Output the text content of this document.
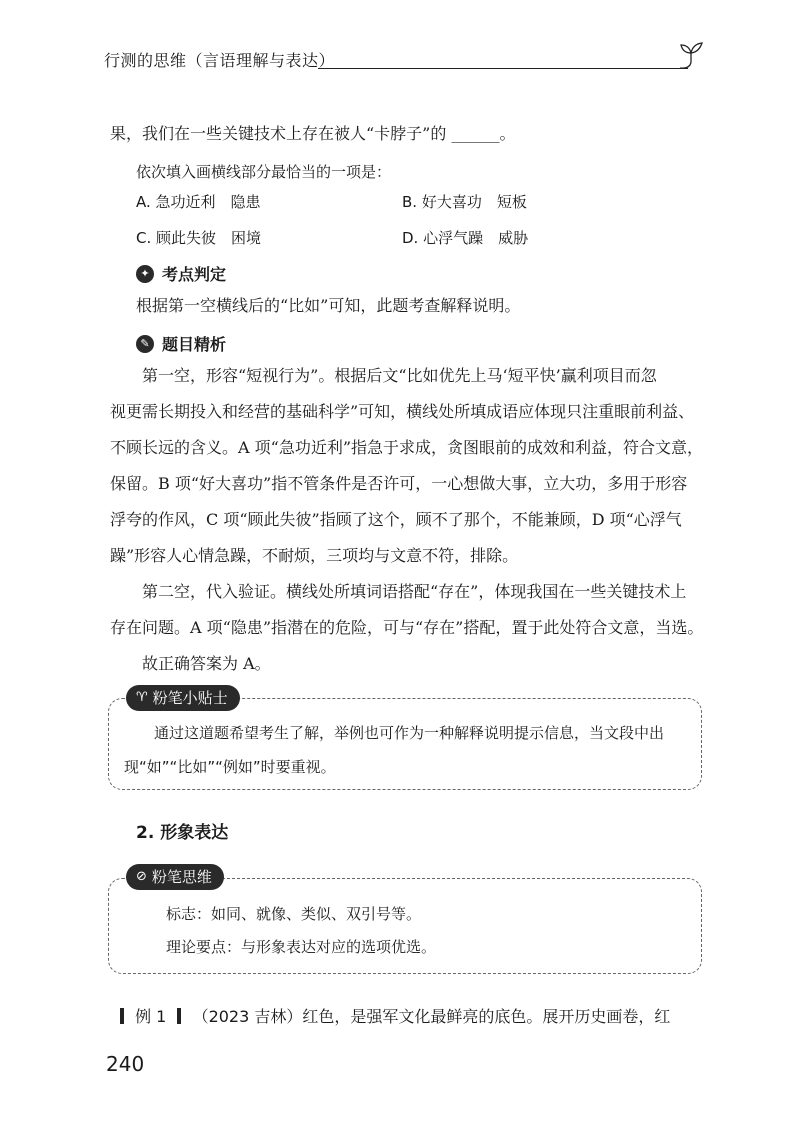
行测的思维（言语理解与表达）
果，我们在一些关键技术上存在被人“卡脖子”的 ______。
依次填入画横线部分最恰当的一项是：
A. 急功近利　隐患	B. 好大喜功　短板
C. 顾此失彼　困境	D. 心浮气躁　威胁
✦ 考点判定
根据第一空横线后的“比如”可知，此题考查解释说明。
✎ 题目精析
　　第一空，形容“短视行为”。根据后文“比如优先上马‘短平快’赢利项目而忽
视更需长期投入和经营的基础科学”可知，横线处所填成语应体现只注重眼前利益、
不顾长远的含义。A 项“急功近利”指急于求成，贪图眼前的成效和利益，符合文意，
保留。B 项“好大喜功”指不管条件是否许可，一心想做大事，立大功，多用于形容
浮夸的作风，C 项“顾此失彼”指顾了这个，顾不了那个，不能兼顾，D 项“心浮气
躁”形容人心情急躁，不耐烦，三项均与文意不符，排除。
　　第二空，代入验证。横线处所填词语搭配“存在”，体现我国在一些关键技术上
存在问题。A 项“隐患”指潜在的危险，可与“存在”搭配，置于此处符合文意，当选。
　　故正确答案为 A。
♈ 粉笔小贴士
　　通过这道题希望考生了解，举例也可作为一种解释说明提示信息，当文段中出
现“如”“比如”“例如”时要重视。
2. 形象表达
⊘ 粉笔思维
标志：如同、就像、类似、双引号等。
理论要点：与形象表达对应的选项优选。
例 1 （2023 吉林）红色，是强军文化最鲜亮的底色。展开历史画卷，红
240
